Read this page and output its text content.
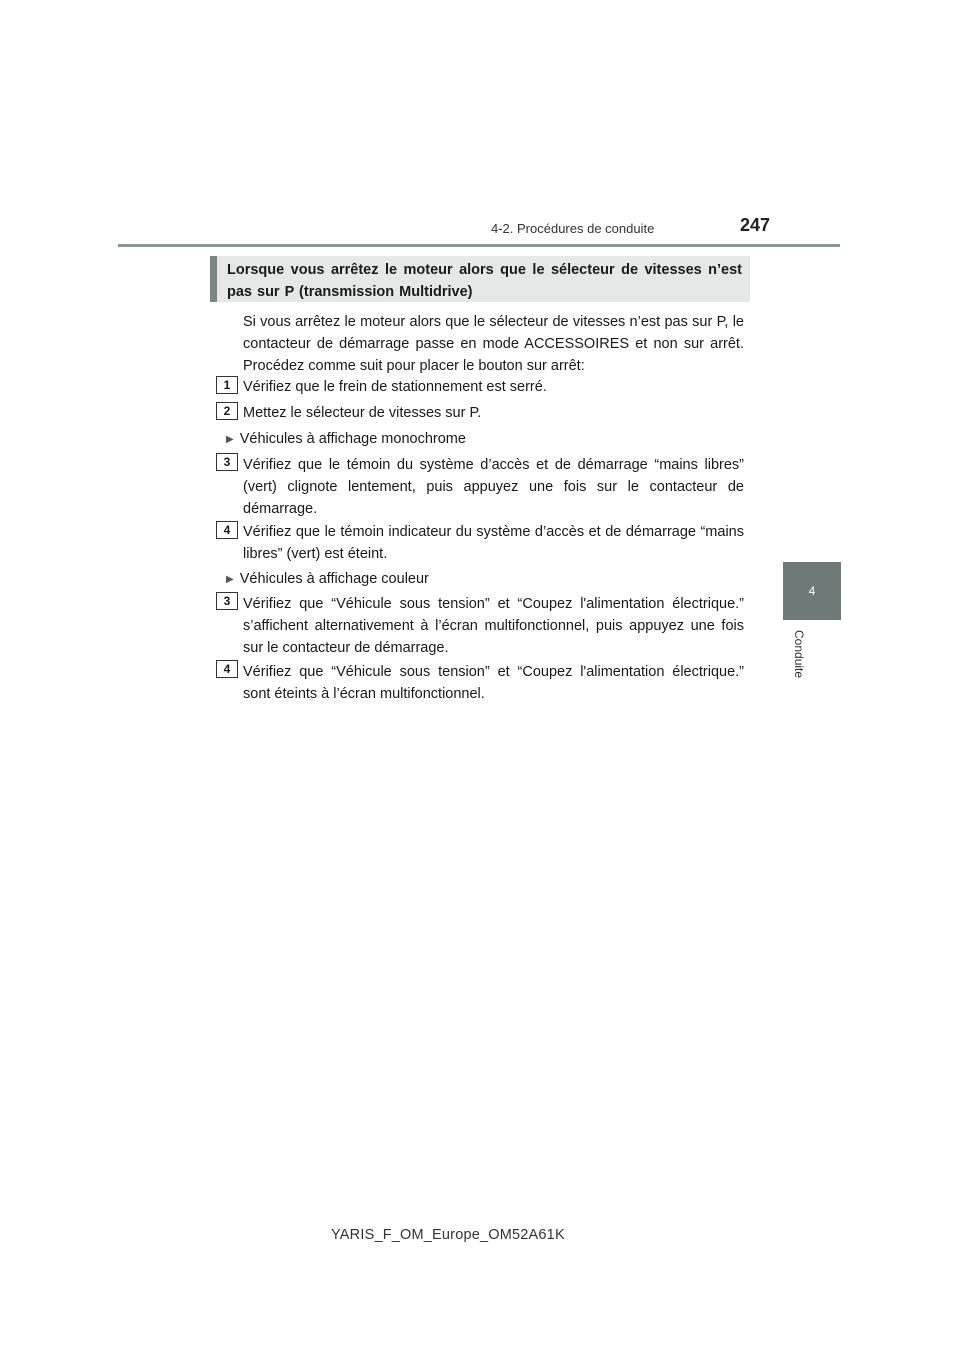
4-2. Procédures de conduite	247
4
Conduite
Lorsque vous arrêtez le moteur alors que le sélecteur de vitesses n’est pas sur P (transmission Multidrive)
Si vous arrêtez le moteur alors que le sélecteur de vitesses n’est pas sur P, le contacteur de démarrage passe en mode ACCESSOIRES et non sur arrêt. Procédez comme suit pour placer le bouton sur arrêt:
1 Vérifiez que le frein de stationnement est serré.
2 Mettez le sélecteur de vitesses sur P.
▶ Véhicules à affichage monochrome
3 Vérifiez que le témoin du système d’accès et de démarrage “mains libres” (vert) clignote lentement, puis appuyez une fois sur le contacteur de démarrage.
4 Vérifiez que le témoin indicateur du système d’accès et de démarrage “mains libres” (vert) est éteint.
▶ Véhicules à affichage couleur
3 Vérifiez que “Véhicule sous tension” et “Coupez l'alimentation électrique.” s’affichent alternativement à l’écran multifonctionnel, puis appuyez une fois sur le contacteur de démarrage.
4 Vérifiez que “Véhicule sous tension” et “Coupez l'alimentation électrique.” sont éteints à l’écran multifonctionnel.
YARIS_F_OM_Europe_OM52A61K
